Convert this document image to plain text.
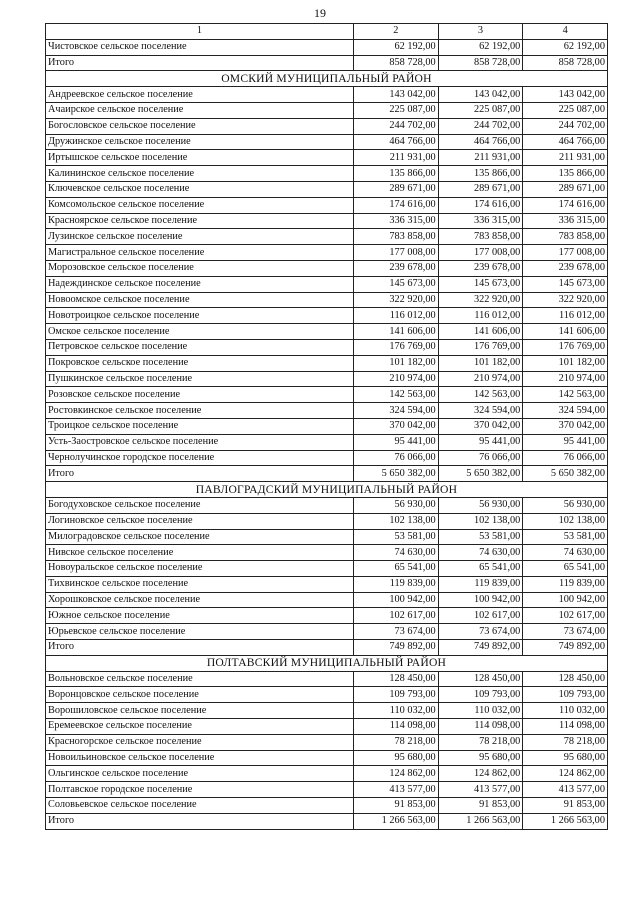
19
1	2	3	4
Чистовское сельское поселение	62 192,00	62 192,00	62 192,00
Итого	858 728,00	858 728,00	858 728,00
ОМСКИЙ МУНИЦИПАЛЬНЫЙ РАЙОН			
Андреевское сельское поселение	143 042,00	143 042,00	143 042,00
Ачаирское сельское поселение	225 087,00	225 087,00	225 087,00
Богословское сельское поселение	244 702,00	244 702,00	244 702,00
Дружинское сельское поселение	464 766,00	464 766,00	464 766,00
Иртышское сельское поселение	211 931,00	211 931,00	211 931,00
Калининское сельское поселение	135 866,00	135 866,00	135 866,00
Ключевское сельское поселение	289 671,00	289 671,00	289 671,00
Комсомольское сельское поселение	174 616,00	174 616,00	174 616,00
Красноярское сельское поселение	336 315,00	336 315,00	336 315,00
Лузинское сельское поселение	783 858,00	783 858,00	783 858,00
Магистральное сельское поселение	177 008,00	177 008,00	177 008,00
Морозовское сельское поселение	239 678,00	239 678,00	239 678,00
Надеждинское сельское поселение	145 673,00	145 673,00	145 673,00
Новоомское сельское поселение	322 920,00	322 920,00	322 920,00
Новотроицкое сельское поселение	116 012,00	116 012,00	116 012,00
Омское сельское поселение	141 606,00	141 606,00	141 606,00
Петровское сельское поселение	176 769,00	176 769,00	176 769,00
Покровское сельское поселение	101 182,00	101 182,00	101 182,00
Пушкинское сельское поселение	210 974,00	210 974,00	210 974,00
Розовское сельское поселение	142 563,00	142 563,00	142 563,00
Ростовкинское сельское поселение	324 594,00	324 594,00	324 594,00
Троицкое сельское поселение	370 042,00	370 042,00	370 042,00
Усть-Заостровское сельское поселение	95 441,00	95 441,00	95 441,00
Чернолучинское городское поселение	76 066,00	76 066,00	76 066,00
Итого	5 650 382,00	5 650 382,00	5 650 382,00
ПАВЛОГРАДСКИЙ МУНИЦИПАЛЬНЫЙ РАЙОН			
Богодуховское сельское поселение	56 930,00	56 930,00	56 930,00
Логиновское сельское поселение	102 138,00	102 138,00	102 138,00
Милоградовское сельское поселение	53 581,00	53 581,00	53 581,00
Нивское сельское поселение	74 630,00	74 630,00	74 630,00
Новоуральское сельское поселение	65 541,00	65 541,00	65 541,00
Тихвинское сельское поселение	119 839,00	119 839,00	119 839,00
Хорошковское сельское поселение	100 942,00	100 942,00	100 942,00
Южное сельское поселение	102 617,00	102 617,00	102 617,00
Юрьевское сельское поселение	73 674,00	73 674,00	73 674,00
Итого	749 892,00	749 892,00	749 892,00
ПОЛТАВСКИЙ МУНИЦИПАЛЬНЫЙ РАЙОН			
Вольновское сельское поселение	128 450,00	128 450,00	128 450,00
Воронцовское сельское поселение	109 793,00	109 793,00	109 793,00
Ворошиловское сельское поселение	110 032,00	110 032,00	110 032,00
Еремеевское сельское поселение	114 098,00	114 098,00	114 098,00
Красногорское сельское поселение	78 218,00	78 218,00	78 218,00
Новоильиновское сельское поселение	95 680,00	95 680,00	95 680,00
Ольгинское сельское поселение	124 862,00	124 862,00	124 862,00
Полтавское городское поселение	413 577,00	413 577,00	413 577,00
Соловьевское сельское поселение	91 853,00	91 853,00	91 853,00
Итого	1 266 563,00	1 266 563,00	1 266 563,00
